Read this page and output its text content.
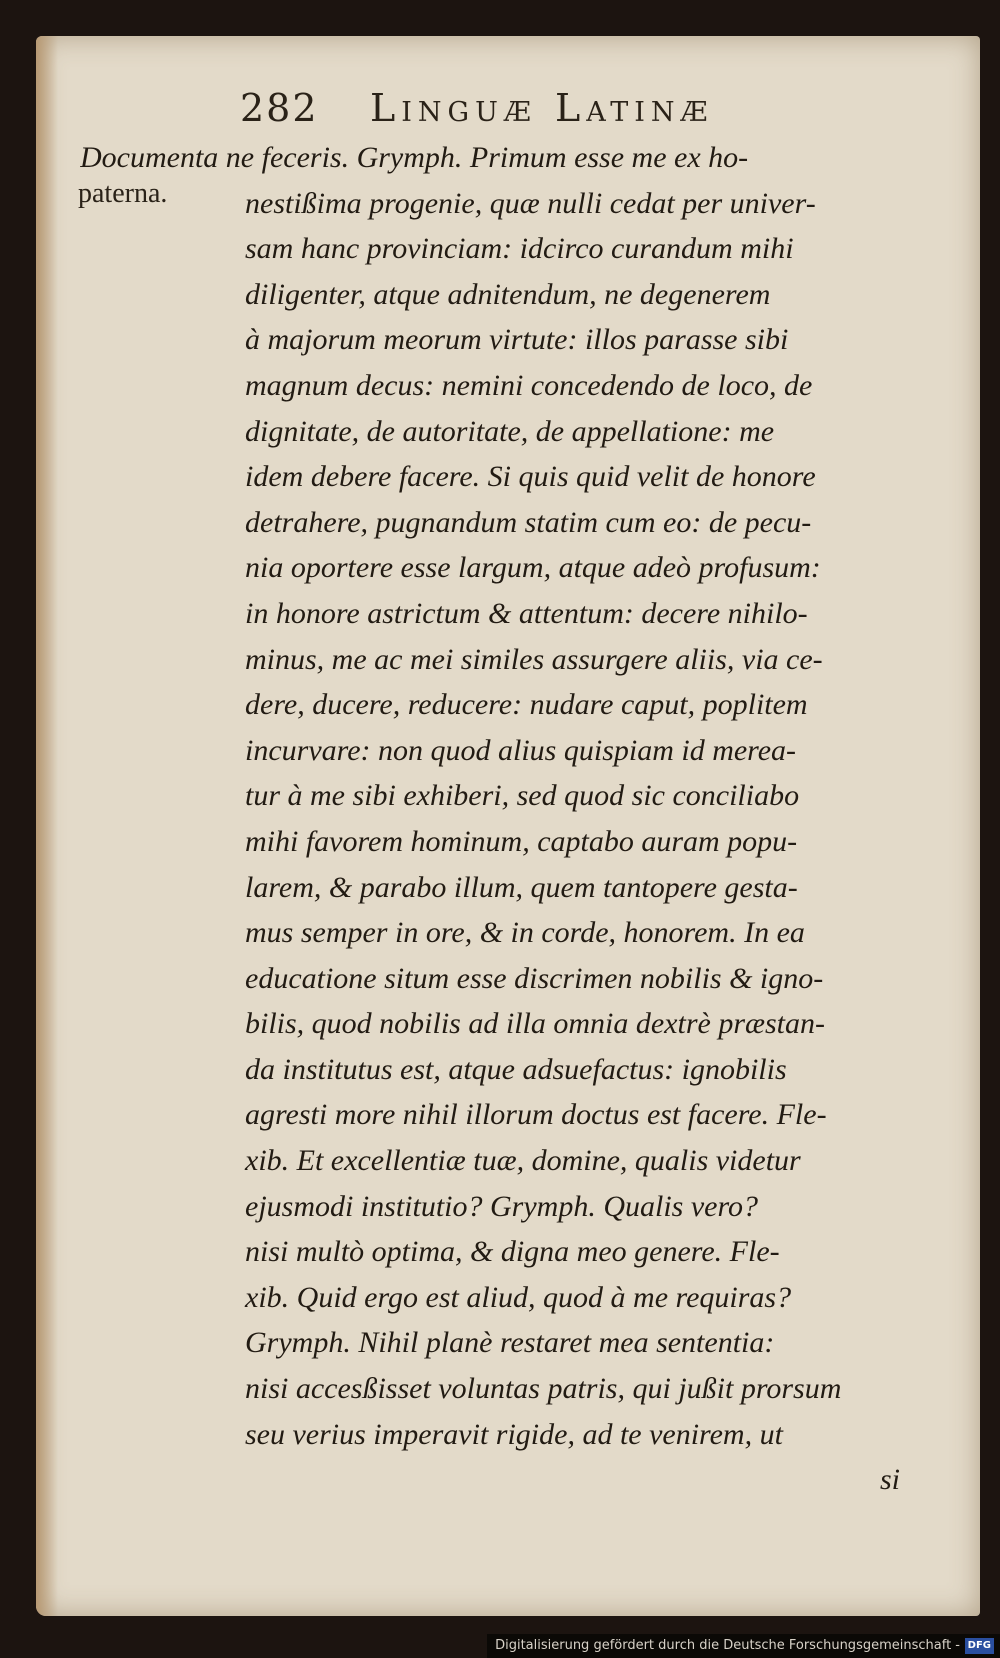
282 Linguæ Latinæ
paterna.
Documenta ne feceris. Grymph. Primum esse me ex ho-
nestißima progenie, quæ nulli cedat per univer-
sam hanc provinciam: idcirco curandum mihi
diligenter, atque adnitendum, ne degenerem
à majorum meorum virtute: illos parasse sibi
magnum decus: nemini concedendo de loco, de
dignitate, de autoritate, de appellatione: me
idem debere facere. Si quis quid velit de honore
detrahere, pugnandum statim cum eo: de pecu-
nia oportere esse largum, atque adeò profusum:
in honore astrictum & attentum: decere nihilo-
minus, me ac mei similes assurgere aliis, via ce-
dere, ducere, reducere: nudare caput, poplitem
incurvare: non quod alius quispiam id merea-
tur à me sibi exhiberi, sed quod sic conciliabo
mihi favorem hominum, captabo auram popu-
larem, & parabo illum, quem tantopere gesta-
mus semper in ore, & in corde, honorem. In ea
educatione situm esse discrimen nobilis & igno-
bilis, quod nobilis ad illa omnia dextrè præstan-
da institutus est, atque adsuefactus: ignobilis
agresti more nihil illorum doctus est facere. Fle-
xib. Et excellentiæ tuæ, domine, qualis videtur
ejusmodi institutio? Grymph. Qualis vero?
nisi multò optima, & digna meo genere. Fle-
xib. Quid ergo est aliud, quod à me requiras?
Grymph. Nihil planè restaret mea sententia:
nisi accesßisset voluntas patris, qui jußit prorsum
seu verius imperavit rigide, ad te venirem, ut
si
Digitalisierung gefördert durch die Deutsche Forschungsgemeinschaft - DFG
